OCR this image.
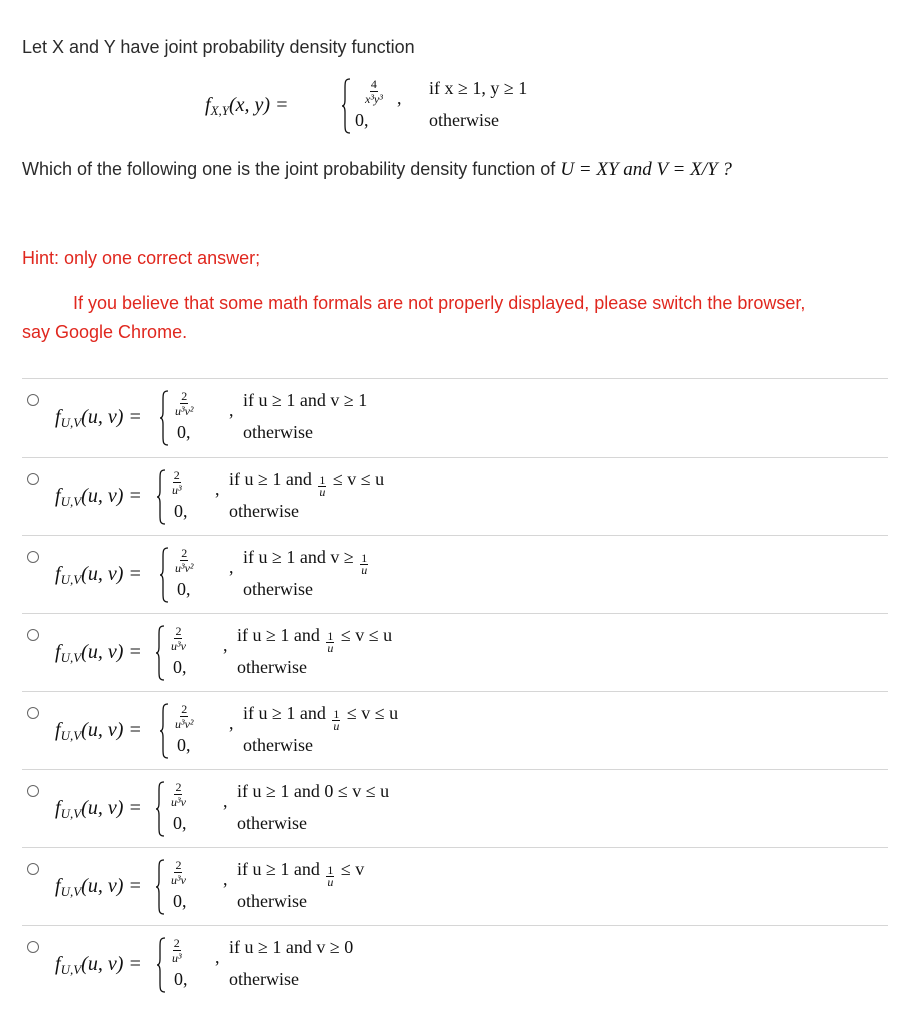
Let X and Y have joint probability density function
$f_{X,Y}(x$, y) =	$\frac{4}{\text{x³y³}}$ , if x ≥ 1, y ≥ 1
0,	otherwise
Which of the following one is the joint probability density function of U = XY and V = X/Y ?
Hint: only one correct answer;
If you believe that some math formals are not properly displayed, please switch the browser,
say Google Chrome.
$f_{U,V}(u$, v) =	$\frac{2}{\text{u³v²}}$ , if u ≥ 1 and v ≥ 1
0,	otherwise
$f_{U,V}(u$, v) =	$\frac{2}{\text{u³}}$ , if u ≥ 1 and $\frac{1}{u} \le v \le u$
0, otherwise
$f_{U,V}(u$, v) =	$\frac{2}{\text{u³v²}}$ , if u ≥ 1 and $v \ge \frac{1}{u}$
0,	otherwise
$f_{U,V}(u$, $v) = \frac{2}{\text{u³v}}$ , if u ≥ 1 and $\frac{1}{u} \le v \le u$
0,	otherwise
$f_{U,V}(u$, v) =	$\frac{2}{\text{u³v²}}$ , if u ≥ 1 and $\frac{1}{u} \le v \le u$
0,	otherwise
$f_{U,V}(u$, $v) = \frac{2}{\text{u³v}}$ , if u ≥ 1 and 0 ≤ v ≤ u
0,	otherwise
$f_{U,V}(u$, $v) = \frac{2}{\text{u³v}}$ , if u ≥ 1 and $\frac{1}{u} \le v$
0,	otherwise
$f_{U,V}(u$, v) =	$\frac{2}{\text{u³}}$ , if u ≥ 1 and v ≥ 0
0, otherwise
